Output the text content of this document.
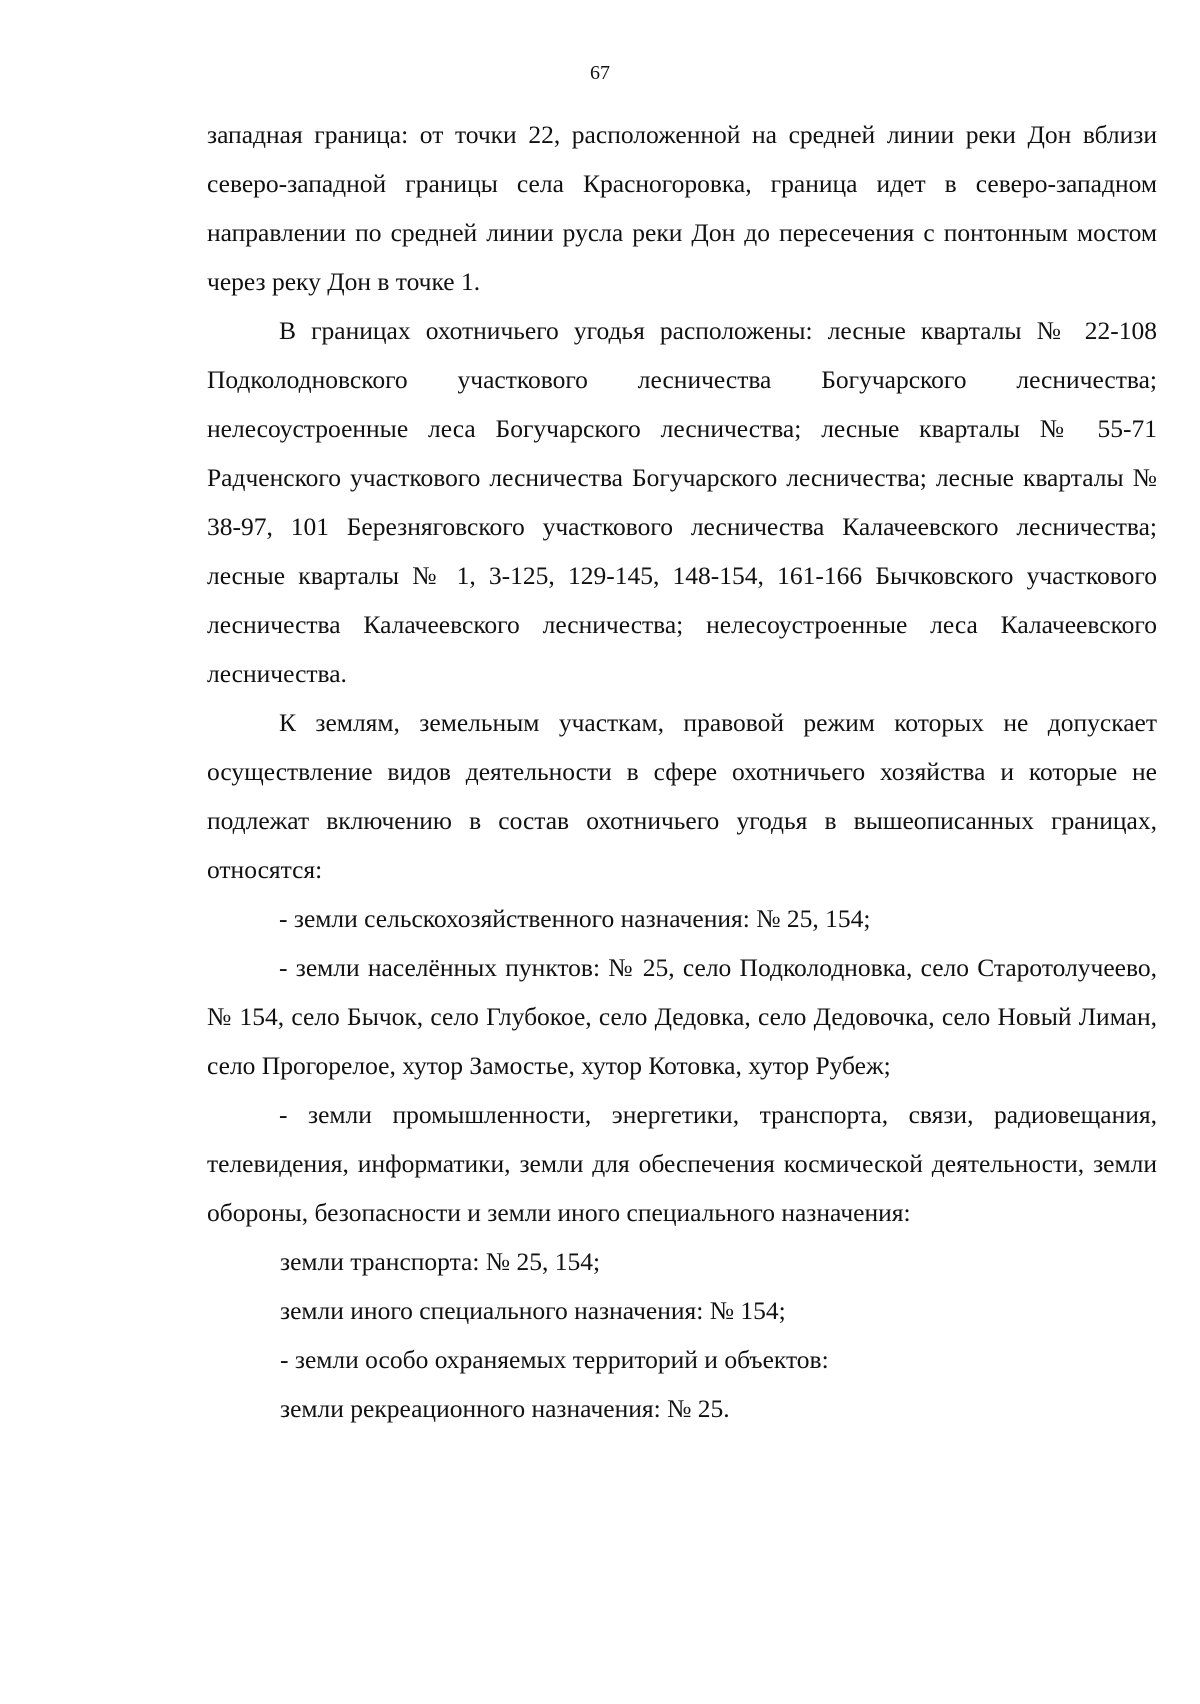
67

западная граница: от точки 22, расположенной на средней линии реки Дон вблизи северо-западной границы села Красногоровка, граница идет в северо-западном направлении по средней линии русла реки Дон до пересечения с понтонным мостом через реку Дон в точке 1.

В границах охотничьего угодья расположены: лесные кварталы № 22-108 Подколодновского участкового лесничества Богучарского лесничества; нелесоустроенные леса Богучарского лесничества; лесные кварталы № 55-71 Радченского участкового лесничества Богучарского лесничества; лесные кварталы № 38-97, 101 Березняговского участкового лесничества Калачеевского лесничества; лесные кварталы № 1, 3-125, 129-145, 148-154, 161-166 Бычковского участкового лесничества Калачеевского лесничества; нелесоустроенные леса Калачеевского лесничества.

К землям, земельным участкам, правовой режим которых не допускает осуществление видов деятельности в сфере охотничьего хозяйства и которые не подлежат включению в состав охотничьего угодья в вышеописанных границах, относятся:

- земли сельскохозяйственного назначения: № 25, 154;

- земли населённых пунктов: № 25, село Подколодновка, село Старотолучеево, № 154, село Бычок, село Глубокое, село Дедовка, село Дедовочка, село Новый Лиман, село Прогорелое, хутор Замостье, хутор Котовка, хутор Рубеж;

- земли промышленности, энергетики, транспорта, связи, радиовещания, телевидения, информатики, земли для обеспечения космической деятельности, земли обороны, безопасности и земли иного специального назначения:

земли транспорта: № 25, 154;

земли иного специального назначения: № 154;

- земли особо охраняемых территорий и объектов:

земли рекреационного назначения: № 25.
